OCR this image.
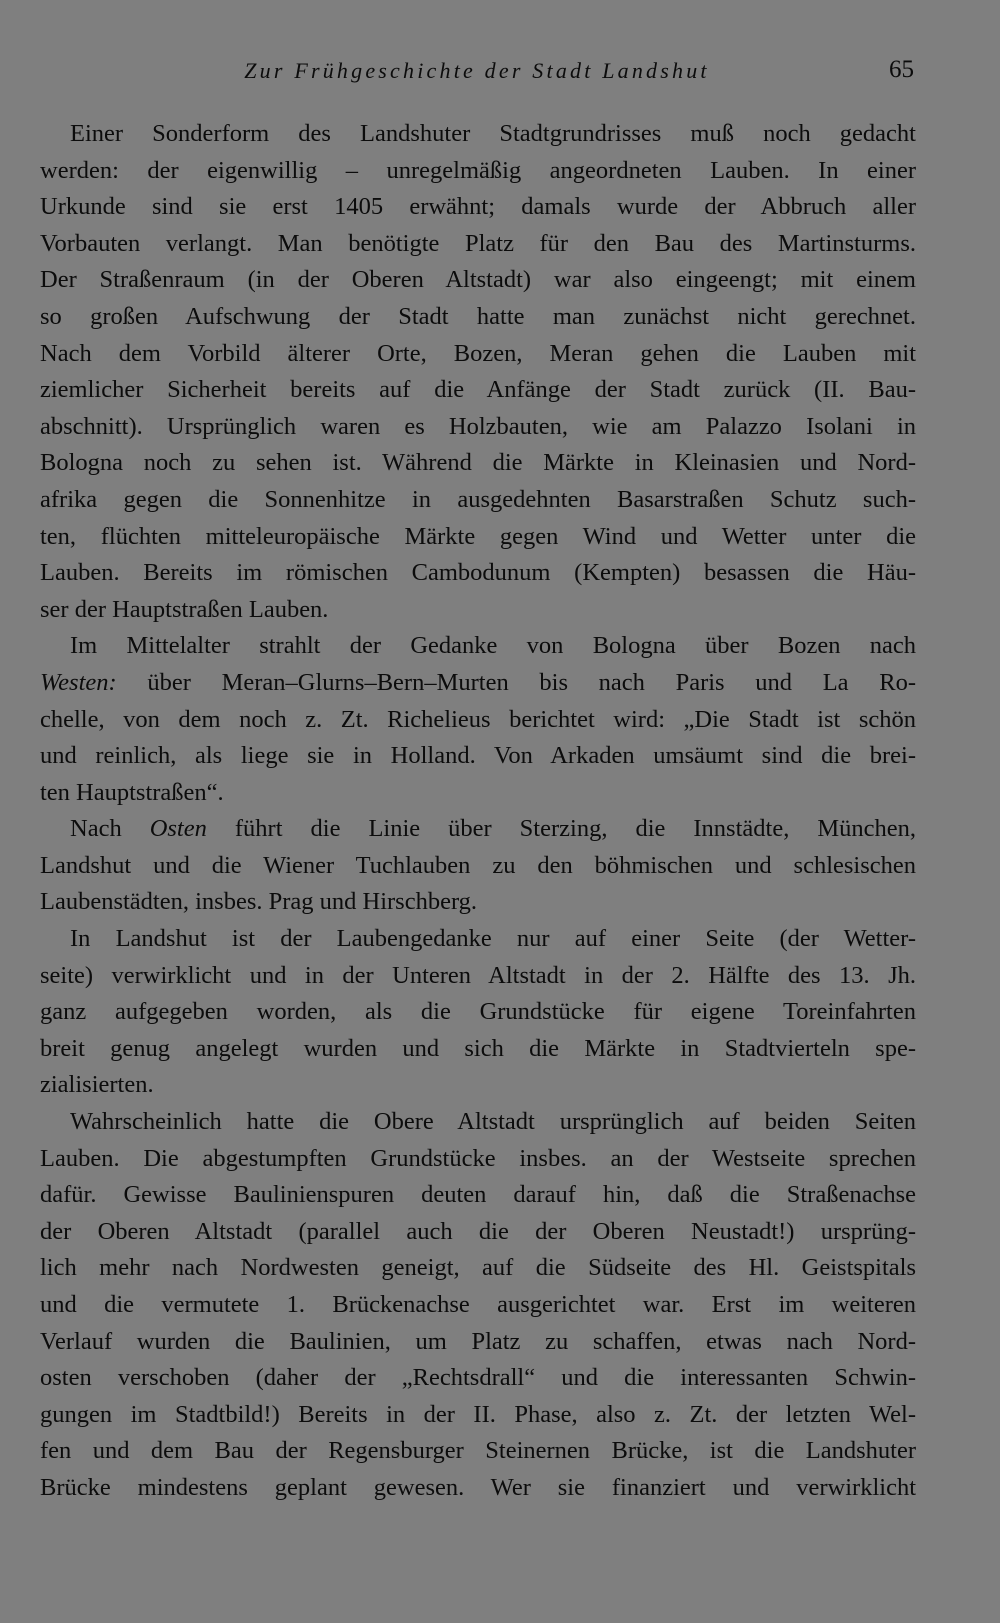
Zur Frühgeschichte der Stadt Landshut	65
Einer Sonderform des Landshuter Stadtgrundrisses muß noch gedacht
werden: der eigenwillig – unregelmäßig angeordneten Lauben. In einer
Urkunde sind sie erst 1405 erwähnt; damals wurde der Abbruch aller
Vorbauten verlangt. Man benötigte Platz für den Bau des Martinsturms.
Der Straßenraum (in der Oberen Altstadt) war also eingeengt; mit einem
so großen Aufschwung der Stadt hatte man zunächst nicht gerechnet.
Nach dem Vorbild älterer Orte, Bozen, Meran gehen die Lauben mit
ziemlicher Sicherheit bereits auf die Anfänge der Stadt zurück (II. Bau-
abschnitt). Ursprünglich waren es Holzbauten, wie am Palazzo Isolani in
Bologna noch zu sehen ist. Während die Märkte in Kleinasien und Nord-
afrika gegen die Sonnenhitze in ausgedehnten Basarstraßen Schutz such-
ten, flüchten mitteleuropäische Märkte gegen Wind und Wetter unter die
Lauben. Bereits im römischen Cambodunum (Kempten) besassen die Häu-
ser der Hauptstraßen Lauben.
Im Mittelalter strahlt der Gedanke von Bologna über Bozen nach
Westen: über Meran–Glurns–Bern–Murten bis nach Paris und La Ro-
chelle, von dem noch z. Zt. Richelieus berichtet wird: „Die Stadt ist schön
und reinlich, als liege sie in Holland. Von Arkaden umsäumt sind die brei-
ten Hauptstraßen“.
Nach Osten führt die Linie über Sterzing, die Innstädte, München,
Landshut und die Wiener Tuchlauben zu den böhmischen und schlesischen
Laubenstädten, insbes. Prag und Hirschberg.
In Landshut ist der Laubengedanke nur auf einer Seite (der Wetter-
seite) verwirklicht und in der Unteren Altstadt in der 2. Hälfte des 13. Jh.
ganz aufgegeben worden, als die Grundstücke für eigene Toreinfahrten
breit genug angelegt wurden und sich die Märkte in Stadtvierteln spe-
zialisierten.
Wahrscheinlich hatte die Obere Altstadt ursprünglich auf beiden Seiten
Lauben. Die abgestumpften Grundstücke insbes. an der Westseite sprechen
dafür. Gewisse Baulinienspuren deuten darauf hin, daß die Straßenachse
der Oberen Altstadt (parallel auch die der Oberen Neustadt!) ursprüng-
lich mehr nach Nordwesten geneigt, auf die Südseite des Hl. Geistspitals
und die vermutete 1. Brückenachse ausgerichtet war. Erst im weiteren
Verlauf wurden die Baulinien, um Platz zu schaffen, etwas nach Nord-
osten verschoben (daher der „Rechtsdrall“ und die interessanten Schwin-
gungen im Stadtbild!) Bereits in der II. Phase, also z. Zt. der letzten Wel-
fen und dem Bau der Regensburger Steinernen Brücke, ist die Landshuter
Brücke mindestens geplant gewesen. Wer sie finanziert und verwirklicht
